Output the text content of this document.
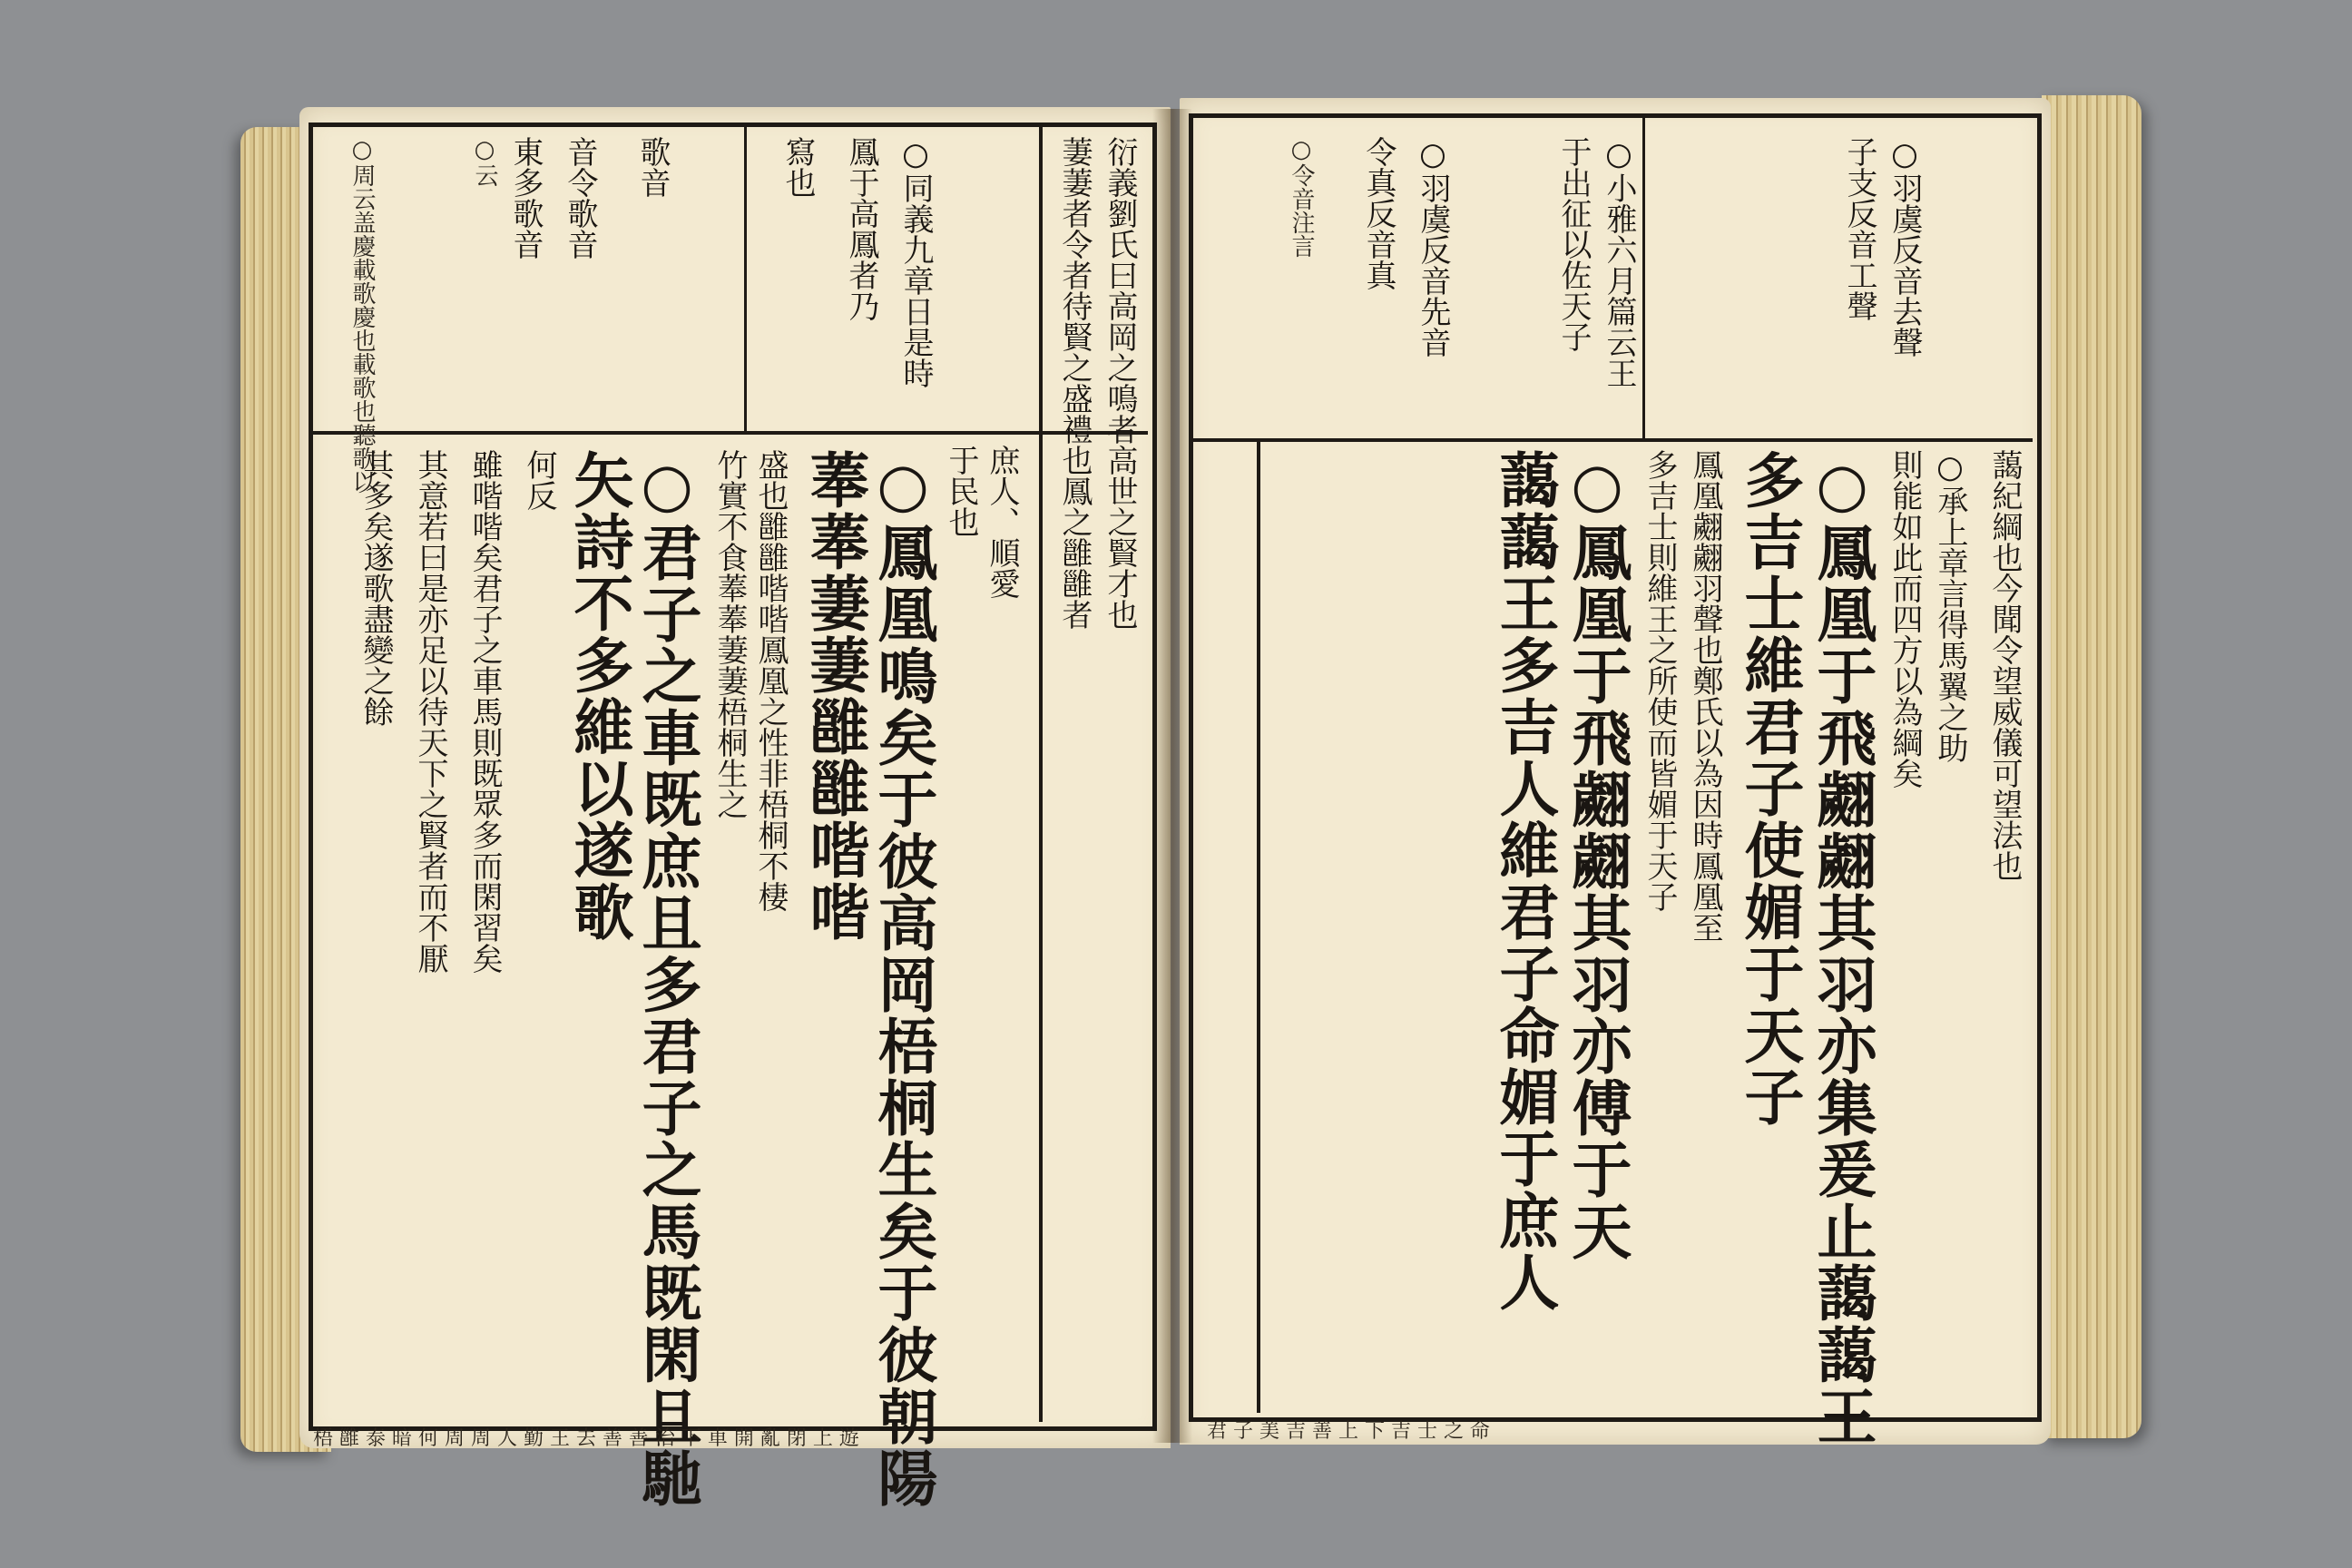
○周云盖慶載歌慶也載歌也聽歌以	○云 東多歌音 音令歌音 歌音	寫也 鳳于高鳳者乃 ○同義九章日是時	衍義劉氏曰高岡之鳴者高世之賢才也
萋萋者令者待賢之盛禮也鳳之雝雝者
庶人、順愛
于民也
○鳳凰鳴矣于彼高岡梧桐生矣于彼朝陽
菶菶萋萋雝雝喈喈
盛也雝雝喈喈鳳凰之性非梧桐不棲
竹實不食菶菶萋萋梧桐生之
○君子之車既庶且多君子之馬既閑且馳
矢詩不多維以遂歌
何反
雖喈喈矣君子之車馬則既眾多而閑習矣
其意若曰是亦足以待天下之賢者而不厭
其多矣遂歌盡變之餘
梧 雝 泰 暗 何 周 周 人 勤 王 去 善 善 治 下 車 開 亂 閉 上 遊
○小雅六月篇云王
于出征以佐天子
○羽虞反音先音
令真反音真
○令音注言	○羽虞反音去聲
子支反音工聲
藹紀綱也今聞令望威儀可望法也
○承上章言得馬翼之助
則能如此而四方以為綱矣
○鳳凰于飛翽翽其羽亦集爰止藹藹王
多吉士維君子使媚于天子
鳳凰翽翽羽聲也鄭氏以為因時鳳凰至
多吉士則維王之所使而皆媚于天子
○鳳凰于飛翽翽其羽亦傅于天
藹藹王多吉人維君子命媚于庶人
君 子 美 吉 善 上 下 吉 士 之 命
